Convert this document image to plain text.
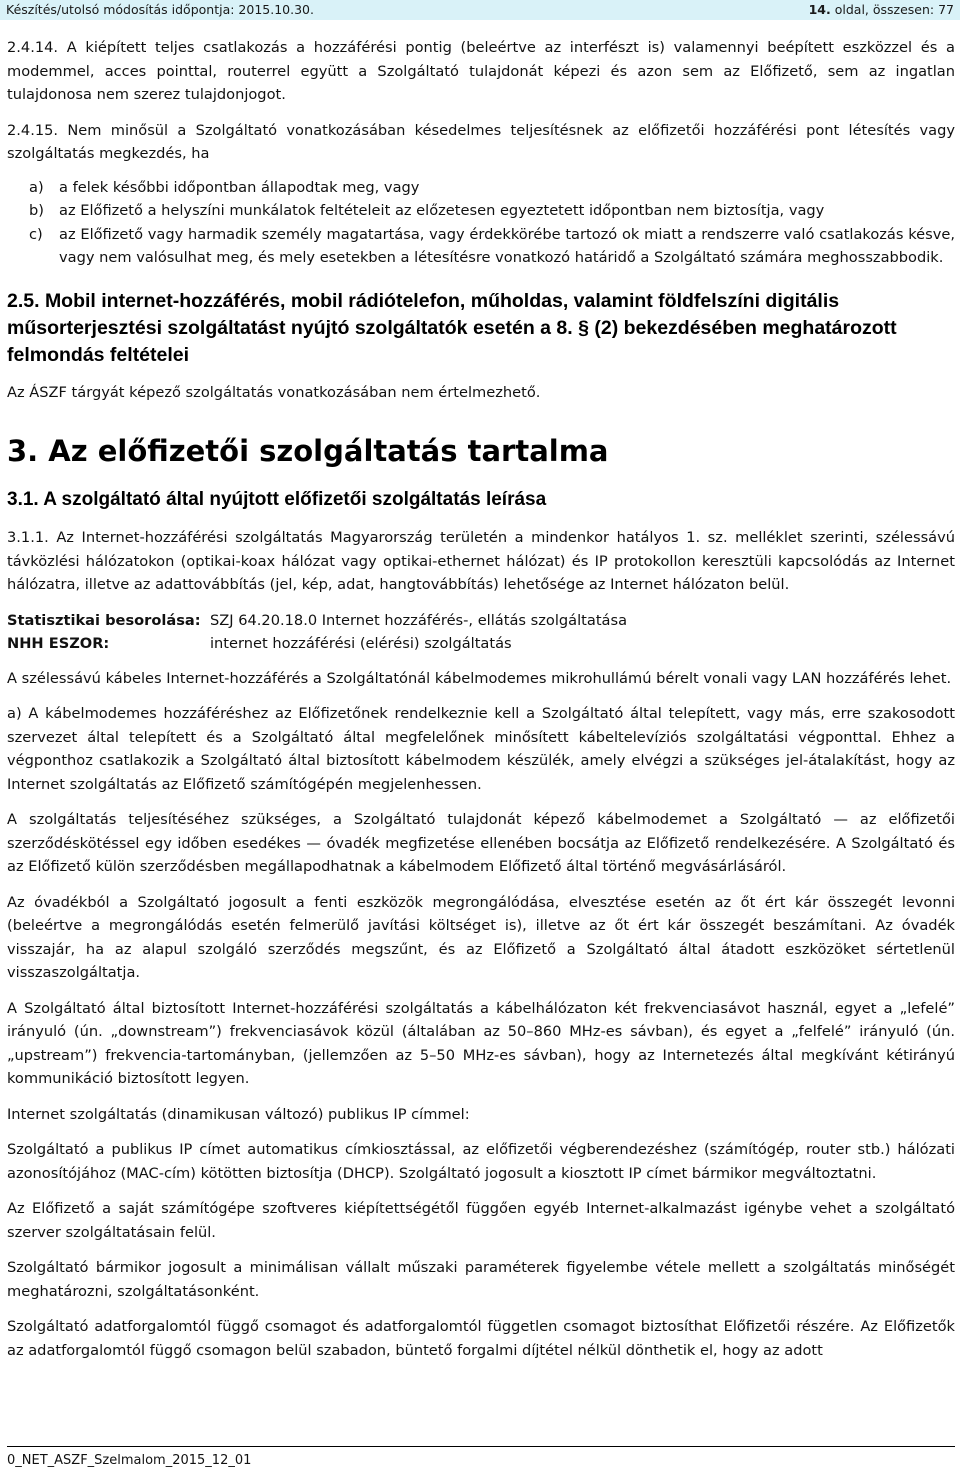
Készítés/utolsó módosítás időpontja: 2015.10.30.	14. oldal, összesen: 77

2.4.14. A kiépített teljes csatlakozás a hozzáférési pontig (beleértve az interfészt is) valamennyi beépített eszközzel és a modemmel, acces pointtal, routerrel együtt a Szolgáltató tulajdonát képezi és azon sem az Előfizető, sem az ingatlan tulajdonosa nem szerez tulajdonjogot.

2.4.15. Nem minősül a Szolgáltató vonatkozásában késedelmes teljesítésnek az előfizetői hozzáférési pont létesítés vagy szolgáltatás megkezdés, ha

a)	a felek későbbi időpontban állapodtak meg, vagy
b)	az Előfizető a helyszíni munkálatok feltételeit az előzetesen egyeztetett időpontban nem biztosítja, vagy
c)	az Előfizető vagy harmadik személy magatartása, vagy érdekkörébe tartozó ok miatt a rendszerre való csatlakozás késve, vagy nem valósulhat meg, és mely esetekben a létesítésre vonatkozó határidő a Szolgáltató számára meghosszabbodik.
2.5. Mobil internet-hozzáférés, mobil rádiótelefon, műholdas, valamint földfelszíni digitális műsorterjesztési szolgáltatást nyújtó szolgáltatók esetén a 8. § (2) bekezdésében meghatározott felmondás feltételei

Az ÁSZF tárgyát képező szolgáltatás vonatkozásában nem értelmezhető.

3. Az előfizetői szolgáltatás tartalma
3.1. A szolgáltató által nyújtott előfizetői szolgáltatás leírása

3.1.1. Az Internet-hozzáférési szolgáltatás Magyarország területén a mindenkor hatályos 1. sz. melléklet szerinti, szélessávú távközlési hálózatokon (optikai-koax hálózat vagy optikai-ethernet hálózat) és IP protokollon keresztüli kapcsolódás az Internet hálózatra, illetve az adattovábbítás (jel, kép, adat, hangtovábbítás) lehetősége az Internet hálózaton belül.

Statisztikai besorolása: SZJ 64.20.18.0 Internet hozzáférés-, ellátás szolgáltatása
NHH ESZOR:	internet hozzáférési (elérési) szolgáltatás

A szélessávú kábeles Internet-hozzáférés a Szolgáltatónál kábelmodemes mikrohullámú bérelt vonali vagy LAN hozzáférés lehet.

a) A kábelmodemes hozzáféréshez az Előfizetőnek rendelkeznie kell a Szolgáltató által telepített, vagy más, erre szakosodott szervezet által telepített és a Szolgáltató által megfelelőnek minősített kábeltelevíziós szolgáltatási végponttal. Ehhez a végponthoz csatlakozik a Szolgáltató által biztosított kábelmodem készülék, amely elvégzi a szükséges jel-átalakítást, hogy az Internet szolgáltatás az Előfizető számítógépén megjelenhessen.

A szolgáltatás teljesítéséhez szükséges, a Szolgáltató tulajdonát képező kábelmodemet a Szolgáltató — az előfizetői szerződéskötéssel egy időben esedékes — óvadék megfizetése ellenében bocsátja az Előfizető rendelkezésére. A Szolgáltató és az Előfizető külön szerződésben megállapodhatnak a kábelmodem Előfizető által történő megvásárlásáról.

Az óvadékból a Szolgáltató jogosult a fenti eszközök megrongálódása, elvesztése esetén az őt ért kár összegét levonni (beleértve a megrongálódás esetén felmerülő javítási költséget is), illetve az őt ért kár összegét beszámítani. Az óvadék visszajár, ha az alapul szolgáló szerződés megszűnt, és az Előfizető a Szolgáltató által átadott eszközöket sértetlenül visszaszolgáltatja.

A Szolgáltató által biztosított Internet-hozzáférési szolgáltatás a kábelhálózaton két frekvenciasávot használ, egyet a „lefelé” irányuló (ún. „downstream”) frekvenciasávok közül (általában az 50–860 MHz-es sávban), és egyet a „felfelé” irányuló (ún. „upstream”) frekvencia-tartományban, (jellemzően az 5–50 MHz-es sávban), hogy az Internetezés által megkívánt kétirányú kommunikáció biztosított legyen.

Internet szolgáltatás (dinamikusan változó) publikus IP címmel:

Szolgáltató a publikus IP címet automatikus címkiosztással, az előfizetői végberendezéshez (számítógép, router stb.) hálózati azonosítójához (MAC-cím) kötötten biztosítja (DHCP). Szolgáltató jogosult a kiosztott IP címet bármikor megváltoztatni.

Az Előfizető a saját számítógépe szoftveres kiépítettségétől függően egyéb Internet-alkalmazást igénybe vehet a szolgáltató szerver szolgáltatásain felül.

Szolgáltató bármikor jogosult a minimálisan vállalt műszaki paraméterek figyelembe vétele mellett a szolgáltatás minőségét meghatározni, szolgáltatásonként.

Szolgáltató adatforgalomtól függő csomagot és adatforgalomtól független csomagot biztosíthat Előfizetői részére. Az Előfizetők az adatforgalomtól függő csomagon belül szabadon, büntető forgalmi díjtétel nélkül dönthetik el, hogy az adott

0_NET_ASZF_Szelmalom_2015_12_01
